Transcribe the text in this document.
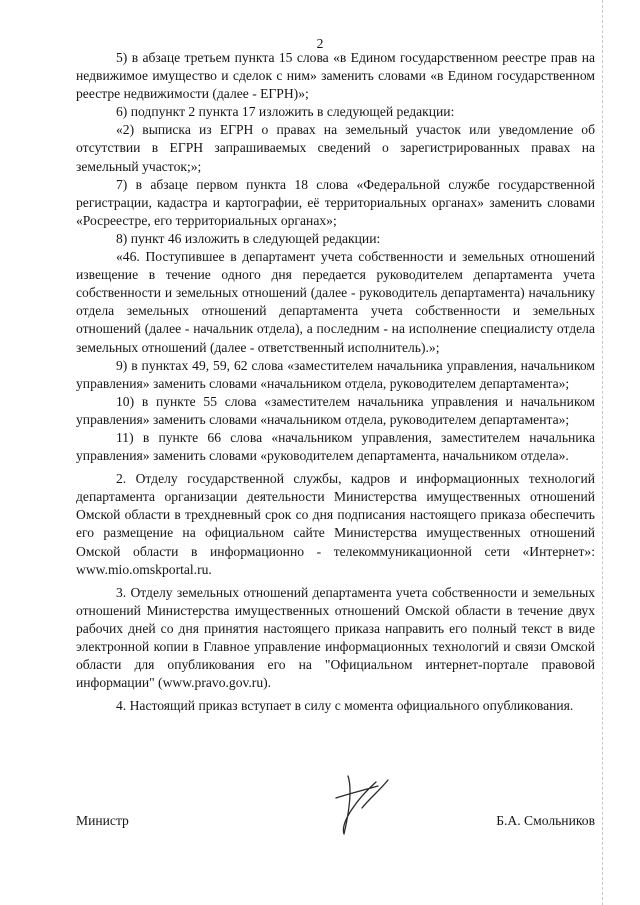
2

5) в абзаце третьем пункта 15 слова «в Едином государственном реестре прав на недвижимое имущество и сделок с ним» заменить словами «в Едином государственном реестре недвижимости (далее - ЕГРН)»;

6) подпункт 2 пункта 17 изложить в следующей редакции:

«2) выписка из ЕГРН о правах на земельный участок или уведомление об отсутствии в ЕГРН запрашиваемых сведений о зарегистрированных правах на земельный участок;»;

7) в абзаце первом пункта 18 слова «Федеральной службе государственной регистрации, кадастра и картографии, её территориальных органах» заменить словами «Росреестре, его территориальных органах»;

8) пункт 46 изложить в следующей редакции:

«46. Поступившее в департамент учета собственности и земельных отношений извещение в течение одного дня передается руководителем департамента учета собственности и земельных отношений (далее - руководитель департамента) начальнику отдела земельных отношений департамента учета собственности и земельных отношений (далее - начальник отдела), а последним - на исполнение специалисту отдела земельных отношений (далее - ответственный исполнитель).»;

9) в пунктах 49, 59, 62 слова «заместителем начальника управления, начальником управления» заменить словами «начальником отдела, руководителем департамента»;

10) в пункте 55 слова «заместителем начальника управления и начальником управления» заменить словами «начальником отдела, руководителем департамента»;

11) в пункте 66 слова «начальником управления, заместителем начальника управления» заменить словами «руководителем департамента, начальником отдела».

2. Отделу государственной службы, кадров и информационных технологий департамента организации деятельности Министерства имущественных отношений Омской области в трехдневный срок со дня подписания настоящего приказа обеспечить его размещение на официальном сайте Министерства имущественных отношений Омской области в информационно - телекоммуникационной сети «Интернет»: www.mio.omskportal.ru.

3. Отделу земельных отношений департамента учета собственности и земельных отношений Министерства имущественных отношений Омской области в течение двух рабочих дней со дня принятия настоящего приказа направить его полный текст в виде электронной копии в Главное управление информационных технологий и связи Омской области для опубликования его на "Официальном интернет-портале правовой информации" (www.pravo.gov.ru).

4. Настоящий приказ вступает в силу с момента официального опубликования.

Министр	Б.А. Смольников
